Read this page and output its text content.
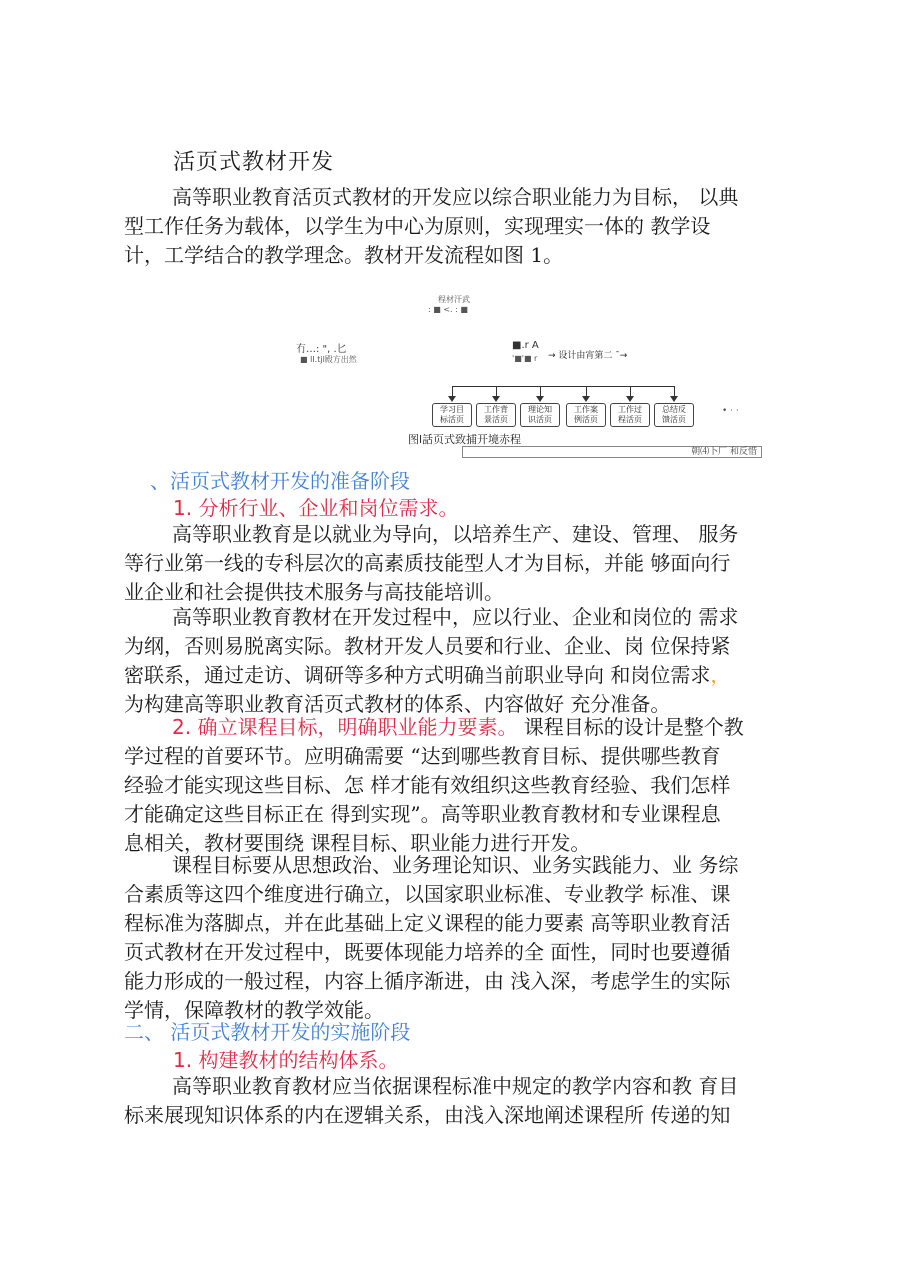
活页式教材开发
高等职业教育活页式教材的开发应以综合职业能力为目标， 以典
型工作任务为载体，以学生为中心为原则，实现理实一体的 教学设
计，工学结合的教学理念。教材开发流程如图 1。
程材汗武
: ■ <. : ■
冇…: ", .匕
■ lI.tjl殿方出然
■.r A
'■'■ r → 设计由宵第二 ˉ→
学习目
标活页
工作背
景活页
理论知
识活页
工作案
例活页
工作过
程活页
总结反
馈活页
• · ·
图l話页式致捕开境赤程
朝⑷卜厂 和反惜
、活页式教材开发的准备阶段
1. 分析行业、企业和岗位需求。
高等职业教育是以就业为导向，以培养生产、建设、管理、 服务
等行业第一线的专科层次的高素质技能型人才为目标，并能 够面向行
业企业和社会提供技术服务与高技能培训。
高等职业教育教材在开发过程中，应以行业、企业和岗位的 需求
为纲，否则易脱离实际。教材开发人员要和行业、企业、岗 位保持紧
密联系，通过走访、调研等多种方式明确当前职业导向 和岗位需求，
为构建高等职业教育活页式教材的体系、内容做好 充分准备。
2. 确立课程目标，明确职业能力要素。 课程目标的设计是整个教
学过程的首要环节。应明确需要 “达到哪些教育目标、提供哪些教育
经验才能实现这些目标、怎 样才能有效组织这些教育经验、我们怎样
才能确定这些目标正在 得到实现”。高等职业教育教材和专业课程息
息相关，教材要围绕 课程目标、职业能力进行开发。
课程目标要从思想政治、业务理论知识、业务实践能力、业 务综
合素质等这四个维度进行确立，以国家职业标准、专业教学 标准、课
程标准为落脚点，并在此基础上定义课程的能力要素 高等职业教育活
页式教材在开发过程中，既要体现能力培养的全 面性，同时也要遵循
能力形成的一般过程，内容上循序渐进，由 浅入深，考虑学生的实际
学情，保障教材的教学效能。
二、 活页式教材开发的实施阶段
1. 构建教材的结构体系。
高等职业教育教材应当依据课程标准中规定的教学内容和教 育目
标来展现知识体系的内在逻辑关系，由浅入深地阐述课程所 传递的知
